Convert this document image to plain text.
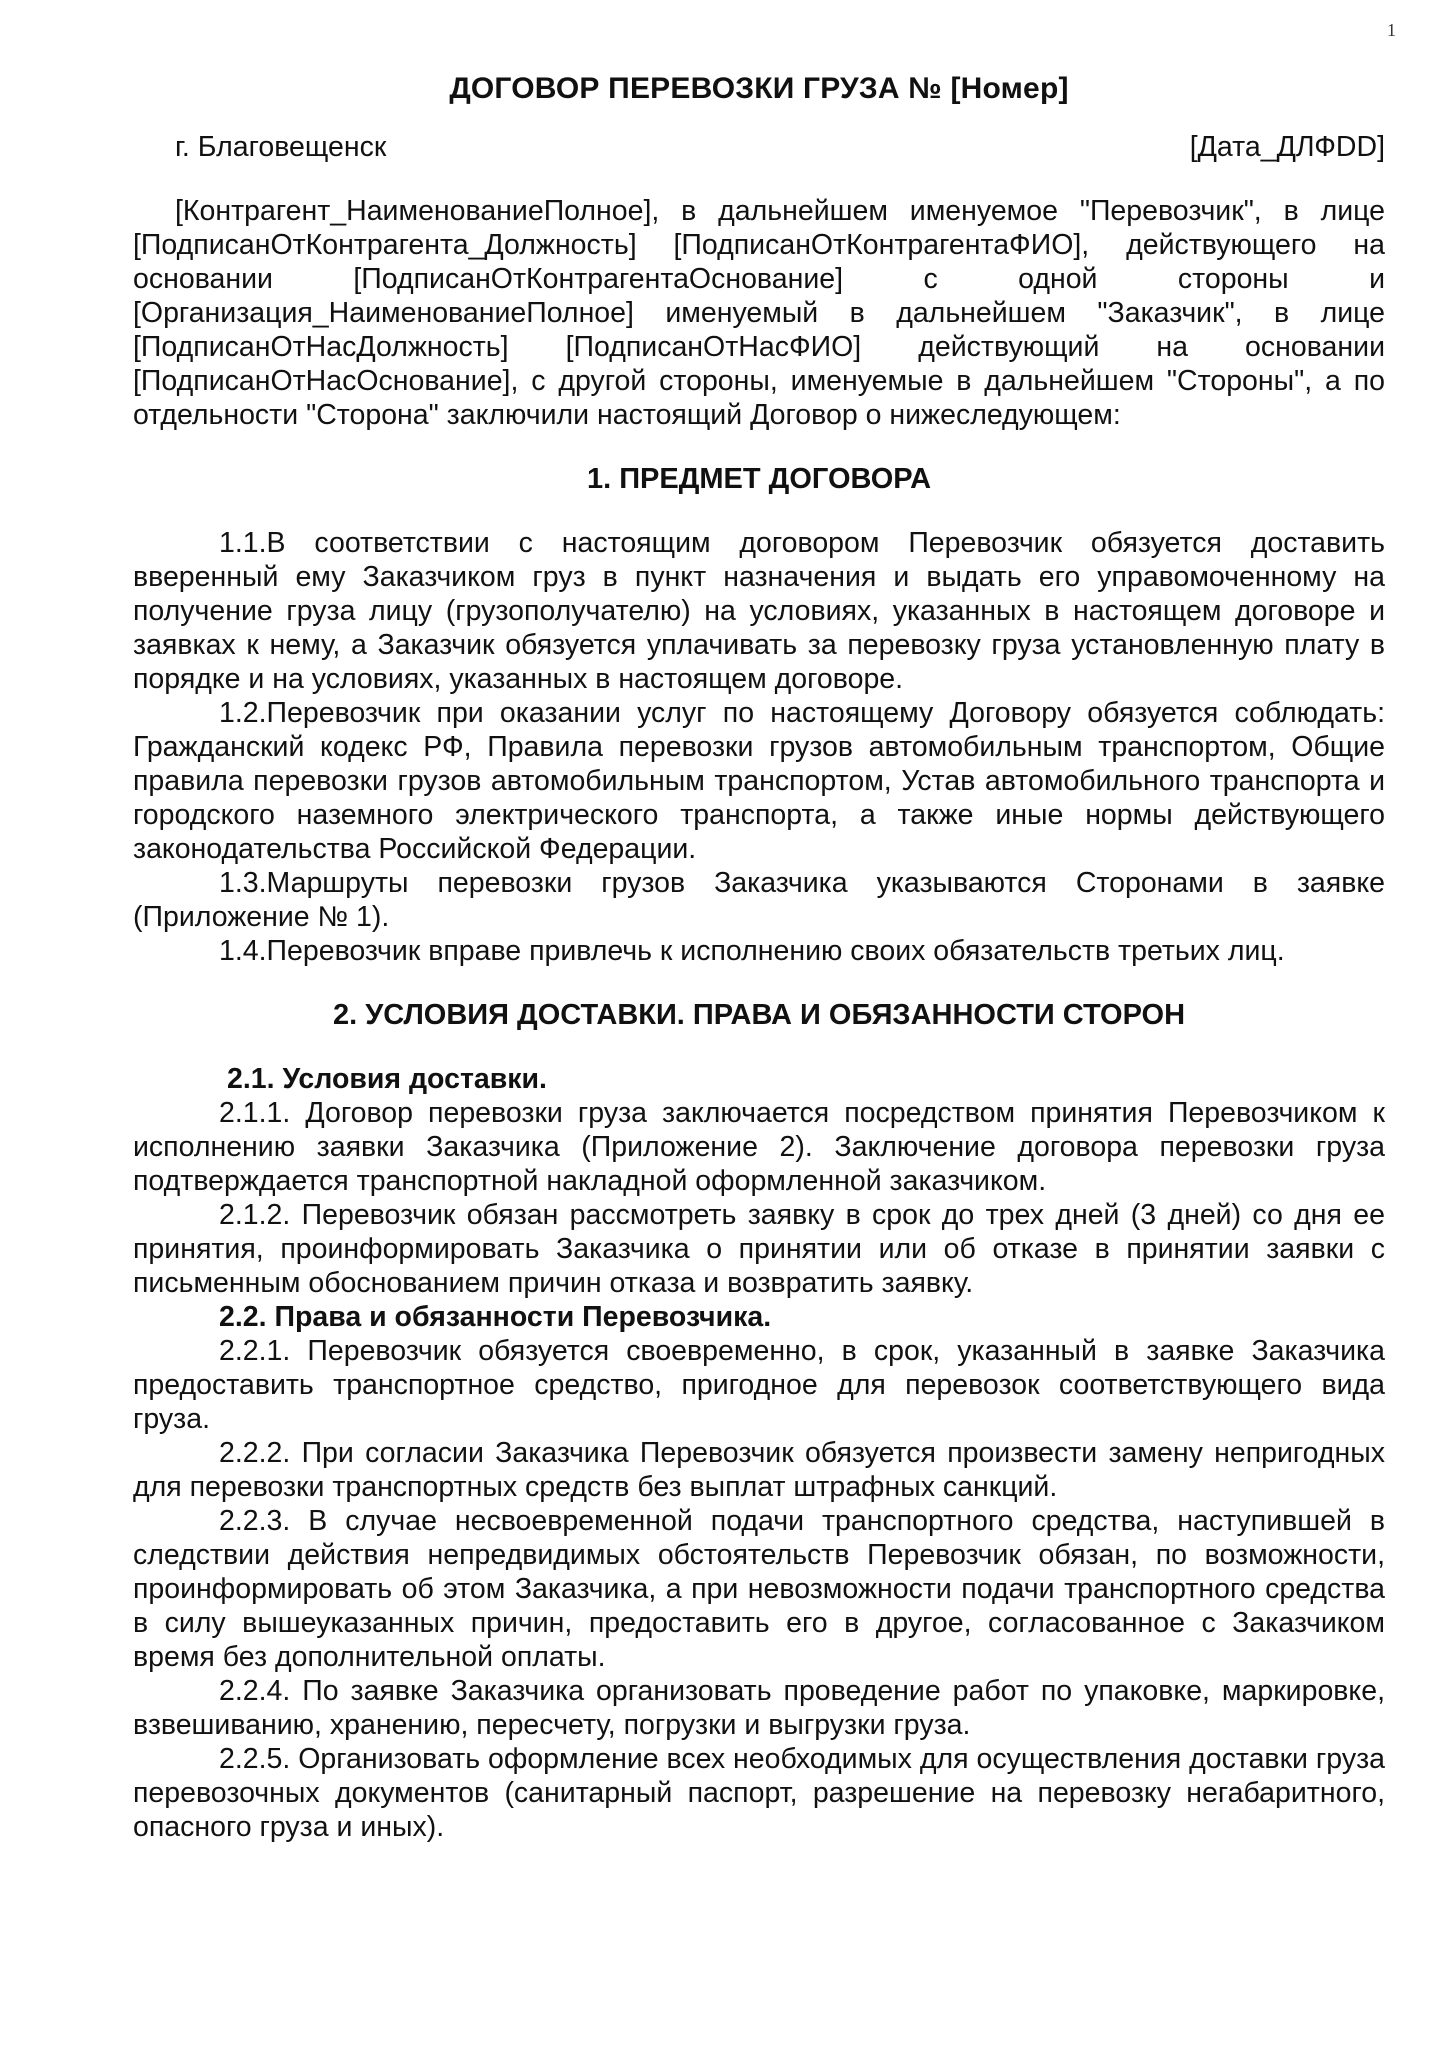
1
ДОГОВОР ПЕРЕВОЗКИ ГРУЗА № [Номер]
г. Благовещенск	[Дата_ДЛФDD]

[Контрагент_НаименованиеПолное], в дальнейшем именуемое "Перевозчик", в лице [ПодписанОтКонтрагента_Должность] [ПодписанОтКонтрагентаФИО], действующего на основании [ПодписанОтКонтрагентаОснование] с одной стороны и [Организация_НаименованиеПолное] именуемый в дальнейшем "Заказчик", в лице [ПодписанОтНасДолжность] [ПодписанОтНасФИО] действующий на основании [ПодписанОтНасОснование], с другой стороны, именуемые в дальнейшем "Стороны", а по отдельности "Сторона" заключили настоящий Договор о нижеследующем:

1. ПРЕДМЕТ ДОГОВОРА

1.1.В соответствии с настоящим договором Перевозчик обязуется доставить вверенный ему Заказчиком груз в пункт назначения и выдать его управомоченному на получение груза лицу (грузополучателю) на условиях, указанных в настоящем договоре и заявках к нему, а Заказчик обязуется уплачивать за перевозку груза установленную плату в порядке и на условиях, указанных в настоящем договоре.

1.2.Перевозчик при оказании услуг по настоящему Договору обязуется соблюдать: Гражданский кодекс РФ, Правила перевозки грузов автомобильным транспортом, Общие правила перевозки грузов автомобильным транспортом, Устав автомобильного транспорта и городского наземного электрического транспорта, а также иные нормы действующего законодательства Российской Федерации.

1.3.Маршруты перевозки грузов Заказчика указываются Сторонами в заявке (Приложение № 1).

1.4.Перевозчик вправе привлечь к исполнению своих обязательств третьих лиц.

2. УСЛОВИЯ ДОСТАВКИ. ПРАВА И ОБЯЗАННОСТИ СТОРОН

2.1. Условия доставки.

2.1.1. Договор перевозки груза заключается посредством принятия Перевозчиком к исполнению заявки Заказчика (Приложение 2). Заключение договора перевозки груза подтверждается транспортной накладной оформленной заказчиком.

2.1.2. Перевозчик обязан рассмотреть заявку в срок до трех дней (3 дней) со дня ее принятия, проинформировать Заказчика о принятии или об отказе в принятии заявки с письменным обоснованием причин отказа и возвратить заявку.

2.2. Права и обязанности Перевозчика.

2.2.1. Перевозчик обязуется своевременно, в срок, указанный в заявке Заказчика предоставить транспортное средство, пригодное для перевозок соответствующего вида груза.

2.2.2. При согласии Заказчика Перевозчик обязуется произвести замену непригодных для перевозки транспортных средств без выплат штрафных санкций.

2.2.3. В случае несвоевременной подачи транспортного средства, наступившей в следствии действия непредвидимых обстоятельств Перевозчик обязан, по возможности, проинформировать об этом Заказчика, а при невозможности подачи транспортного средства в силу вышеуказанных причин, предоставить его в другое, согласованное с Заказчиком время без дополнительной оплаты.

2.2.4. По заявке Заказчика организовать проведение работ по упаковке, маркировке, взвешиванию, хранению, пересчету, погрузки и выгрузки груза.

2.2.5. Организовать оформление всех необходимых для осуществления доставки груза перевозочных документов (санитарный паспорт, разрешение на перевозку негабаритного, опасного груза и иных).
